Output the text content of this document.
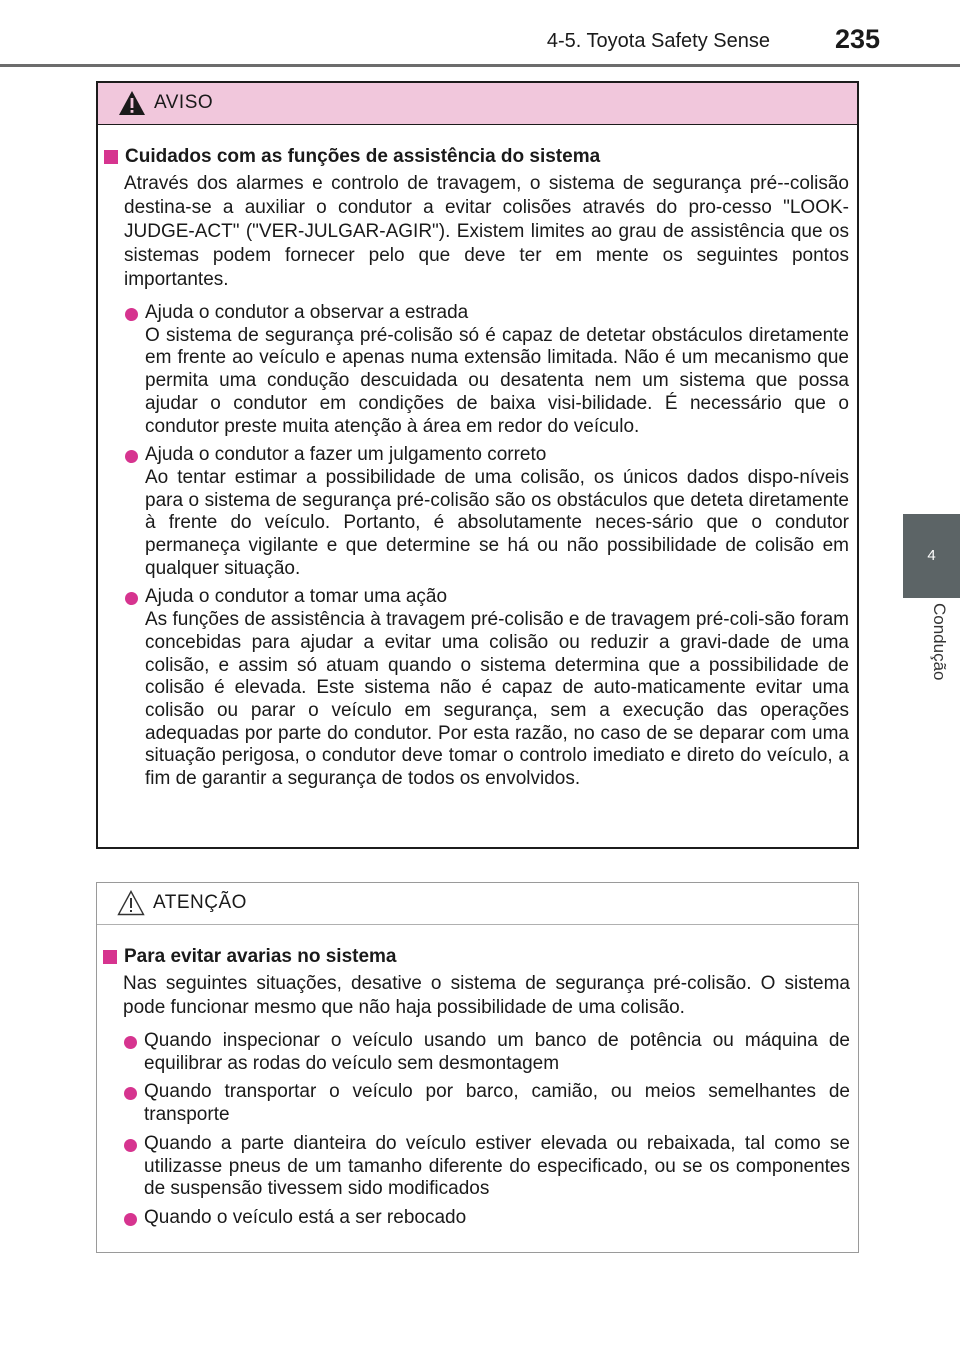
4-5. Toyota Safety Sense	235
4
Condução
AVISO
Cuidados com as funções de assistência do sistema
Através dos alarmes e controlo de travagem, o sistema de segurança pré--colisão destina-se a auxiliar o condutor a evitar colisões através do pro-cesso "LOOK-JUDGE-ACT" ("VER-JULGAR-AGIR"). Existem limites ao grau de assistência que os sistemas podem fornecer pelo que deve ter em mente os seguintes pontos importantes.
Ajuda o condutor a observar a estrada
O sistema de segurança pré-colisão só é capaz de detetar obstáculos diretamente em frente ao veículo e apenas numa extensão limitada. Não é um mecanismo que permita uma condução descuidada ou desatenta nem um sistema que possa ajudar o condutor em condições de baixa visi-bilidade. É necessário que o condutor preste muita atenção à área em redor do veículo.
Ajuda o condutor a fazer um julgamento correto
Ao tentar estimar a possibilidade de uma colisão, os únicos dados dispo-níveis para o sistema de segurança pré-colisão são os obstáculos que deteta diretamente à frente do veículo. Portanto, é absolutamente neces-sário que o condutor permaneça vigilante e que determine se há ou não possibilidade de colisão em qualquer situação.
Ajuda o condutor a tomar uma ação
As funções de assistência à travagem pré-colisão e de travagem pré-coli-são foram concebidas para ajudar a evitar uma colisão ou reduzir a gravi-dade de uma colisão, e assim só atuam quando o sistema determina que a possibilidade de colisão é elevada. Este sistema não é capaz de auto-maticamente evitar uma colisão ou parar o veículo em segurança, sem a execução das operações adequadas por parte do condutor. Por esta razão, no caso de se deparar com uma situação perigosa, o condutor deve tomar o controlo imediato e direto do veículo, a fim de garantir a segurança de todos os envolvidos.
ATENÇÃO
Para evitar avarias no sistema
Nas seguintes situações, desative o sistema de segurança pré-colisão. O sistema pode funcionar mesmo que não haja possibilidade de uma colisão.
Quando inspecionar o veículo usando um banco de potência ou máquina de equilibrar as rodas do veículo sem desmontagem
Quando transportar o veículo por barco, camião, ou meios semelhantes de transporte
Quando a parte dianteira do veículo estiver elevada ou rebaixada, tal como se utilizasse pneus de um tamanho diferente do especificado, ou se os componentes de suspensão tivessem sido modificados
Quando o veículo está a ser rebocado
